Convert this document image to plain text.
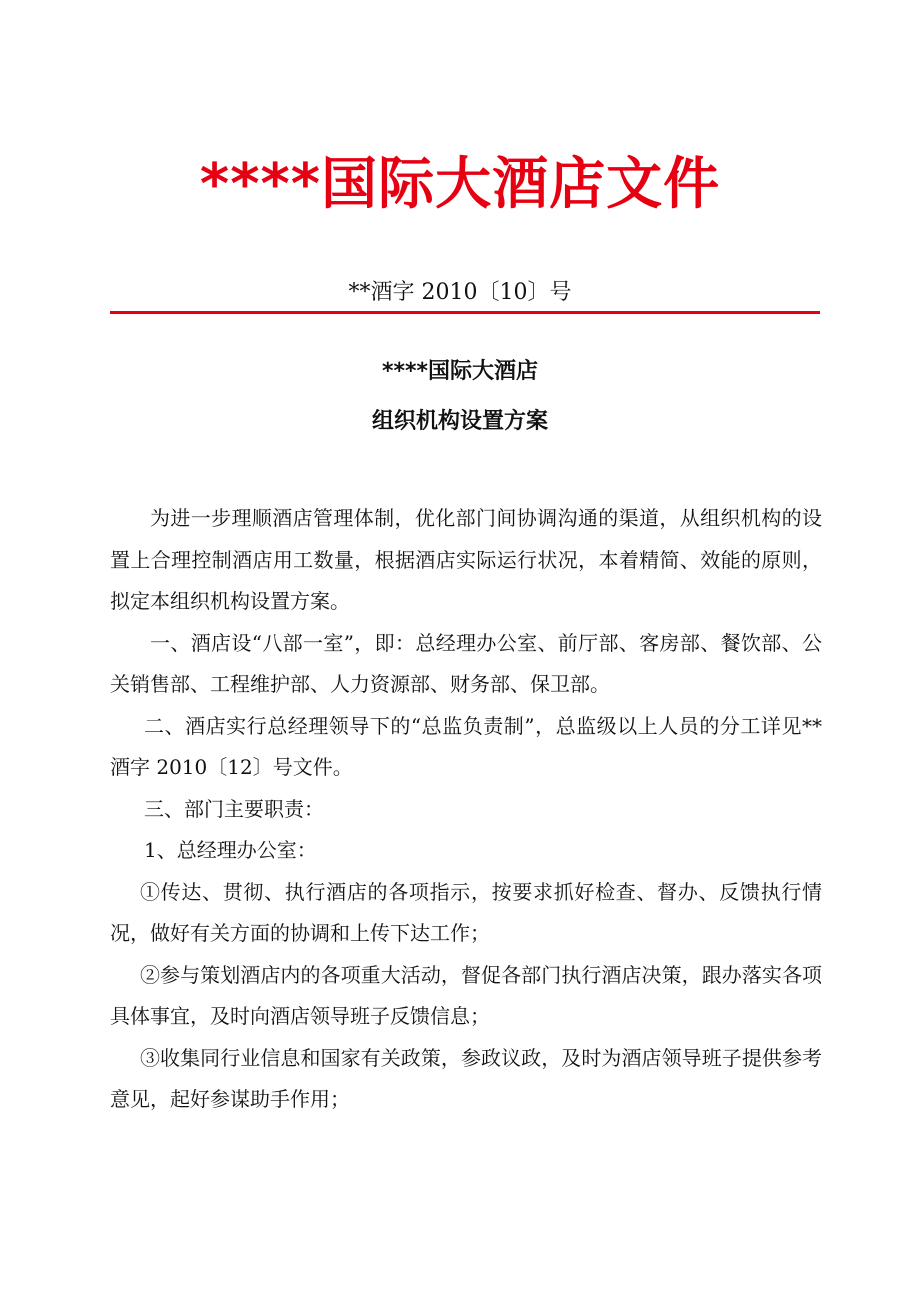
****国际大酒店文件
**酒字 2010〔10〕号
****国际大酒店
组织机构设置方案

为进一步理顺酒店管理体制，优化部门间协调沟通的渠道，从组织机构的设置上合理控制酒店用工数量，根据酒店实际运行状况，本着精简、效能的原则，拟定本组织机构设置方案。

一、酒店设“八部一室”，即：总经理办公室、前厅部、客房部、餐饮部、公关销售部、工程维护部、人力资源部、财务部、保卫部。

二、酒店实行总经理领导下的“总监负责制”，总监级以上人员的分工详见**酒字 2010〔12〕号文件。

三、部门主要职责：

1、总经理办公室：

①传达、贯彻、执行酒店的各项指示，按要求抓好检查、督办、反馈执行情况，做好有关方面的协调和上传下达工作；

②参与策划酒店内的各项重大活动，督促各部门执行酒店决策，跟办落实各项具体事宜，及时向酒店领导班子反馈信息；

③收集同行业信息和国家有关政策，参政议政，及时为酒店领导班子提供参考意见，起好参谋助手作用；
